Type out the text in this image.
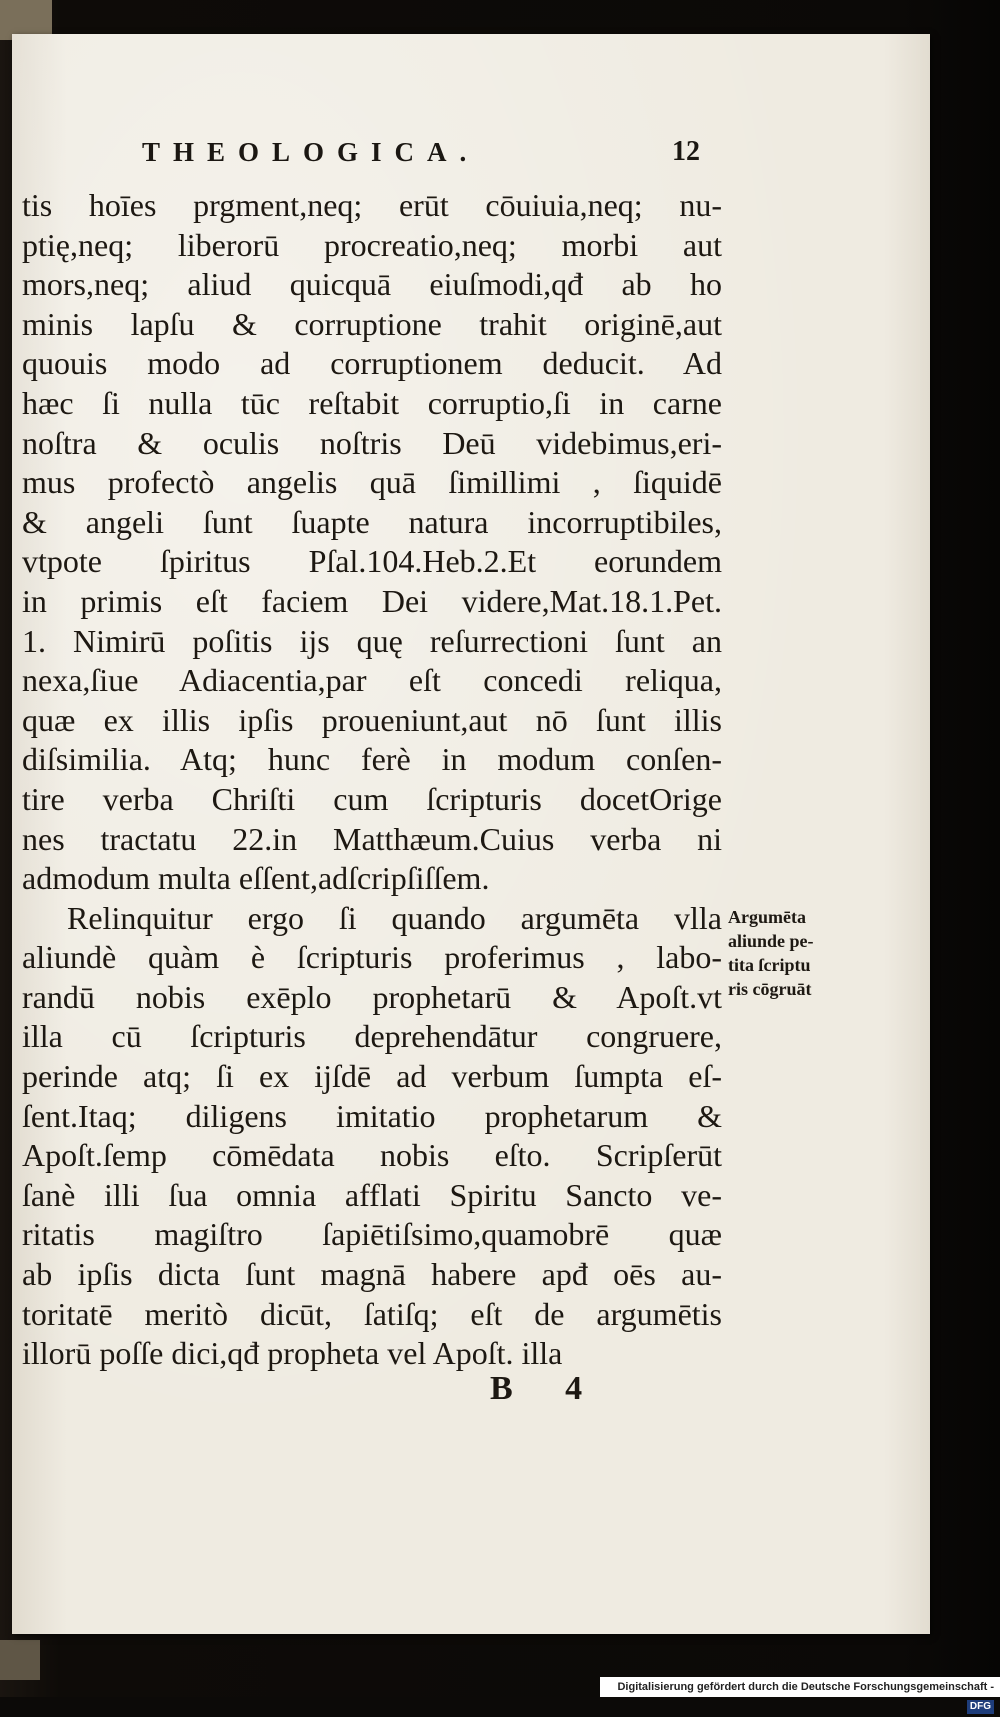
THEOLOGICA.	12
tis hoīes prgment,neq; erūt cōuiuia,neq; nu-
ptię,neq; liberorū procreatio,neq; morbi aut
mors,neq; aliud quicquā eiuſmodi,qđ ab ho
minis lapſu & corruptione trahit originē,aut
quouis modo ad corruptionem deducit. Ad
hæc ſi nulla tūc reſtabit corruptio,ſi in carne
noſtra & oculis noſtris Deū videbimus,eri-
mus profectò angelis quā ſimillimi , ſiquidē
& angeli ſunt ſuapte natura incorruptibiles,
vtpote ſpiritus Pſal.104.Heb.2.Et eorundem
in primis eſt faciem Dei videre,Mat.18.1.Pet.
1. Nimirū poſitis ijs quę reſurrectioni ſunt an
nexa,ſiue Adiacentia,par eſt concedi reliqua,
quæ ex illis ipſis proueniunt,aut nō ſunt illis
diſsimilia. Atq; hunc ferè in modum conſen-
tire verba Chriſti cum ſcripturis docetOrige
nes tractatu 22.in Matthæum.Cuius verba ni
admodum multa eſſent,adſcripſiſſem.
Relinquitur ergo ſi quando argumēta vlla
aliundè quàm è ſcripturis proferimus , labo-
randū nobis exēplo prophetarū & Apoſt.vt
illa cū ſcripturis deprehendātur congruere,
perinde atq; ſi ex ijſdē ad verbum ſumpta eſ-
ſent.Itaq; diligens imitatio prophetarum &
Apoſt.ſemp cōmēdata nobis eſto. Scripſerūt
ſanè illi ſua omnia afflati Spiritu Sancto ve-
ritatis magiſtro ſapiētiſsimo,quamobrē quæ
ab ipſis dicta ſunt magnā habere apđ oēs au-
toritatē meritò dicūt, ſatiſq; eſt de argumētis
illorū poſſe dici,qđ propheta vel Apoſt. illa
Argumēta
aliunde pe-
tita ſcriptu
ris cōgruāt
B 4
Digitalisierung gefördert durch die Deutsche Forschungsgemeinschaft - DFG
